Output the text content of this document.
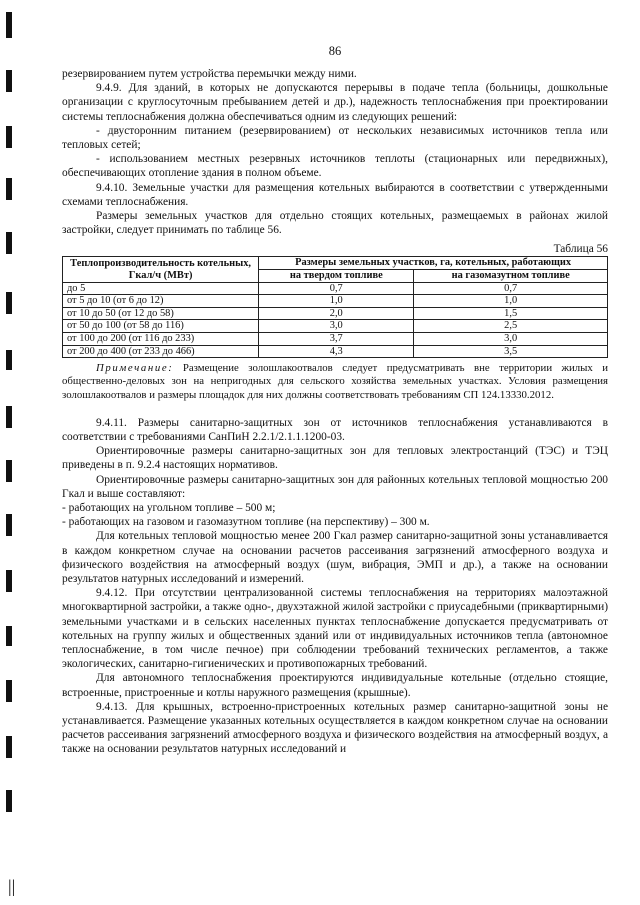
86

резервированием путем устройства перемычки между ними.

9.4.9. Для зданий, в которых не допускаются перерывы в подаче тепла (больницы, дошкольные организации с круглосуточным пребыванием детей и др.), надежность теплоснабжения при проектировании системы теплоснабжения должна обеспечиваться одним из следующих решений:

- двусторонним питанием (резервированием) от нескольких независимых источников тепла или тепловых сетей;

- использованием местных резервных источников теплоты (стационарных или передвижных), обеспечивающих отопление здания в полном объеме.

9.4.10. Земельные участки для размещения котельных выбираются в соответствии с утвержденными схемами теплоснабжения.

Размеры земельных участков для отдельно стоящих котельных, размещаемых в районах жилой застройки, следует принимать по таблице 56.

Таблица 56
Теплопроизводительность котельных, Гкал/ч (МВт)	Размеры земельных участков, га, котельных, работающих	
	на твердом топливе	на газомазутном топливе
до 5	0,7	0,7
от 5 до 10 (от 6 до 12)	1,0	1,0
от 10 до 50 (от 12 до 58)	2,0	1,5
от 50 до 100 (от 58 до 116)	3,0	2,5
от 100 до 200 (от 116 до 233)	3,7	3,0
от 200 до 400 (от 233 до 466)	4,3	3,5
Примечание: Размещение золошлакоотвалов следует предусматривать вне территории жилых и общественно-деловых зон на непригодных для сельского хозяйства земельных участках. Условия размещения золошлакоотвалов и размеры площадок для них должны соответствовать требованиям СП 124.13330.2012.

9.4.11. Размеры санитарно-защитных зон от источников теплоснабжения устанавливаются в соответствии с требованиями СанПиН 2.2.1/2.1.1.1200-03.

Ориентировочные размеры санитарно-защитных зон для тепловых электростанций (ТЭС) и ТЭЦ приведены в п. 9.2.4 настоящих нормативов.

Ориентировочные размеры санитарно-защитных зон для районных котельных тепловой мощностью 200 Гкал и выше составляют:

- работающих на угольном топливе – 500 м;

- работающих на газовом и газомазутном топливе (на перспективу) – 300 м.

Для котельных тепловой мощностью менее 200 Гкал размер санитарно-защитной зоны устанавливается в каждом конкретном случае на основании расчетов рассеивания загрязнений атмосферного воздуха и физического воздействия на атмосферный воздух (шум, вибрация, ЭМП и др.), а также на основании результатов натурных исследований и измерений.

9.4.12. При отсутствии централизованной системы теплоснабжения на территориях малоэтажной многоквартирной застройки, а также одно-, двухэтажной жилой застройки с приусадебными (приквартирными) земельными участками и в сельских населенных пунктах теплоснабжение допускается предусматривать от котельных на группу жилых и общественных зданий или от индивидуальных источников тепла (автономное теплоснабжение, в том числе печное) при соблюдении требований технических регламентов, а также экологических, санитарно-гигиенических и противопожарных требований.

Для автономного теплоснабжения проектируются индивидуальные котельные (отдельно стоящие, встроенные, пристроенные и котлы наружного размещения (крышные).

9.4.13. Для крышных, встроенно-пристроенных котельных размер санитарно-защитной зоны не устанавливается. Размещение указанных котельных осуществляется в каждом конкретном случае на основании расчетов рассеивания загрязнений атмосферного воздуха и физического воздействия на атмосферный воздух, а также на основании результатов натурных исследований и

||
